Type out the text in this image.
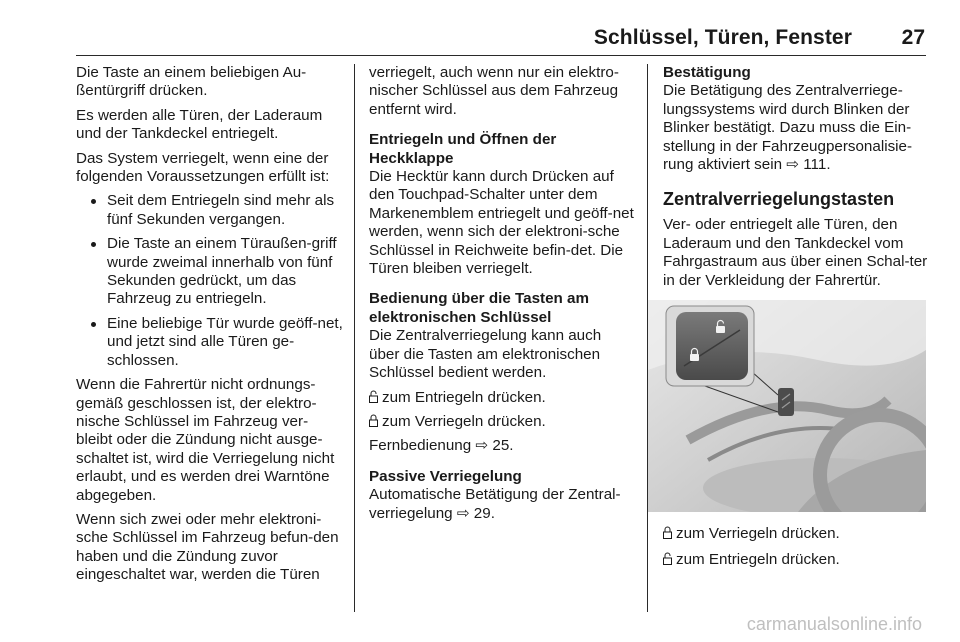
Schlüssel, Türen, Fenster 27

Die Taste an einem beliebigen Au-ßentürgriff drücken.

Es werden alle Türen, der Laderaum und der Tankdeckel entriegelt.

Das System verriegelt, wenn eine der folgenden Voraussetzungen erfüllt ist:

Seit dem Entriegeln sind mehr als fünf Sekunden vergangen.
Die Taste an einem Türaußen-griff wurde zweimal innerhalb von fünf Sekunden gedrückt, um das Fahrzeug zu entriegeln.
Eine beliebige Tür wurde geöff-net, und jetzt sind alle Türen ge-schlossen.

Wenn die Fahrertür nicht ordnungs-gemäß geschlossen ist, der elektro-nische Schlüssel im Fahrzeug ver-bleibt oder die Zündung nicht ausge-schaltet ist, wird die Verriegelung nicht erlaubt, und es werden drei Warntöne abgegeben.

Wenn sich zwei oder mehr elektroni-sche Schlüssel im Fahrzeug befun-den haben und die Zündung zuvor eingeschaltet war, werden die Türen

verriegelt, auch wenn nur ein elektro-nischer Schlüssel aus dem Fahrzeug entfernt wird.

Entriegeln und Öffnen der Heckklappe

Die Hecktür kann durch Drücken auf den Touchpad-Schalter unter dem Markenemblem entriegelt und geöff-net werden, wenn sich der elektroni-sche Schlüssel in Reichweite befin-det. Die Türen bleiben verriegelt.

Bedienung über die Tasten am elektronischen Schlüssel

Die Zentralverriegelung kann auch über die Tasten am elektronischen Schlüssel bedient werden.

zum Entriegeln drücken.

zum Verriegeln drücken.

Fernbedienung ⇨ 25.

Passive Verriegelung

Automatische Betätigung der Zentral-verriegelung ⇨ 29.

Bestätigung

Die Betätigung des Zentralverriege-lungssystems wird durch Blinken der Blinker bestätigt. Dazu muss die Ein-stellung in der Fahrzeugpersonalisie-rung aktiviert sein ⇨ 111.

Zentralverriegelungstasten

Ver- oder entriegelt alle Türen, den Laderaum und den Tankdeckel vom Fahrgastraum aus über einen Schal-ter in der Verkleidung der Fahrertür.

zum Verriegeln drücken.

zum Entriegeln drücken.

carmanualsonline.info
